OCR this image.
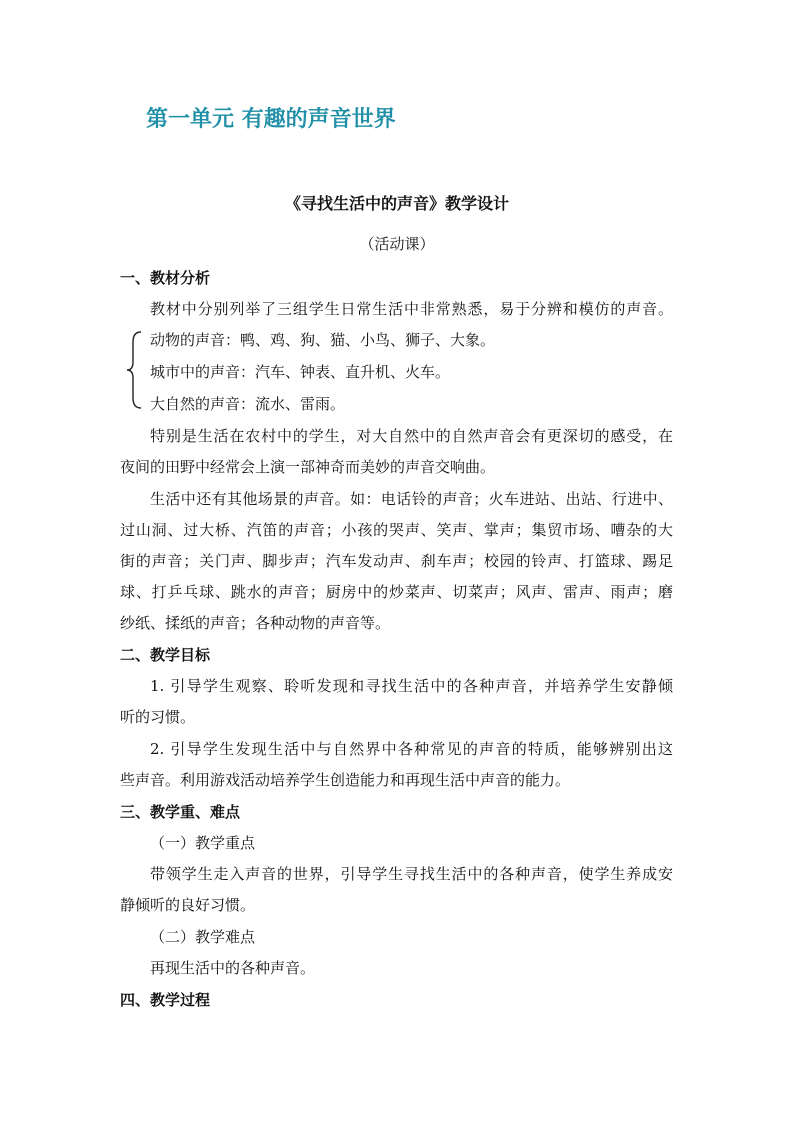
第一单元 有趣的声音世界
《寻找生活中的声音》教学设计
（活动课）
一、教材分析
教材中分别列举了三组学生日常生活中非常熟悉，易于分辨和模仿的声音。
动物的声音：鸭、鸡、狗、猫、小鸟、狮子、大象。
城市中的声音：汽车、钟表、直升机、火车。
大自然的声音：流水、雷雨。
特别是生活在农村中的学生，对大自然中的自然声音会有更深切的感受，在
夜间的田野中经常会上演一部神奇而美妙的声音交响曲。
生活中还有其他场景的声音。如：电话铃的声音；火车进站、出站、行进中、
过山洞、过大桥、汽笛的声音；小孩的哭声、笑声、掌声；集贸市场、嘈杂的大
街的声音；关门声、脚步声；汽车发动声、刹车声；校园的铃声、打篮球、踢足
球、打乒乓球、跳水的声音；厨房中的炒菜声、切菜声；风声、雷声、雨声；磨
纱纸、揉纸的声音；各种动物的声音等。
二、教学目标
1. 引导学生观察、聆听发现和寻找生活中的各种声音，并培养学生安静倾
听的习惯。
2. 引导学生发现生活中与自然界中各种常见的声音的特质，能够辨别出这
些声音。利用游戏活动培养学生创造能力和再现生活中声音的能力。
三、教学重、难点
（一）教学重点
带领学生走入声音的世界，引导学生寻找生活中的各种声音，使学生养成安
静倾听的良好习惯。
（二）教学难点
再现生活中的各种声音。
四、教学过程
